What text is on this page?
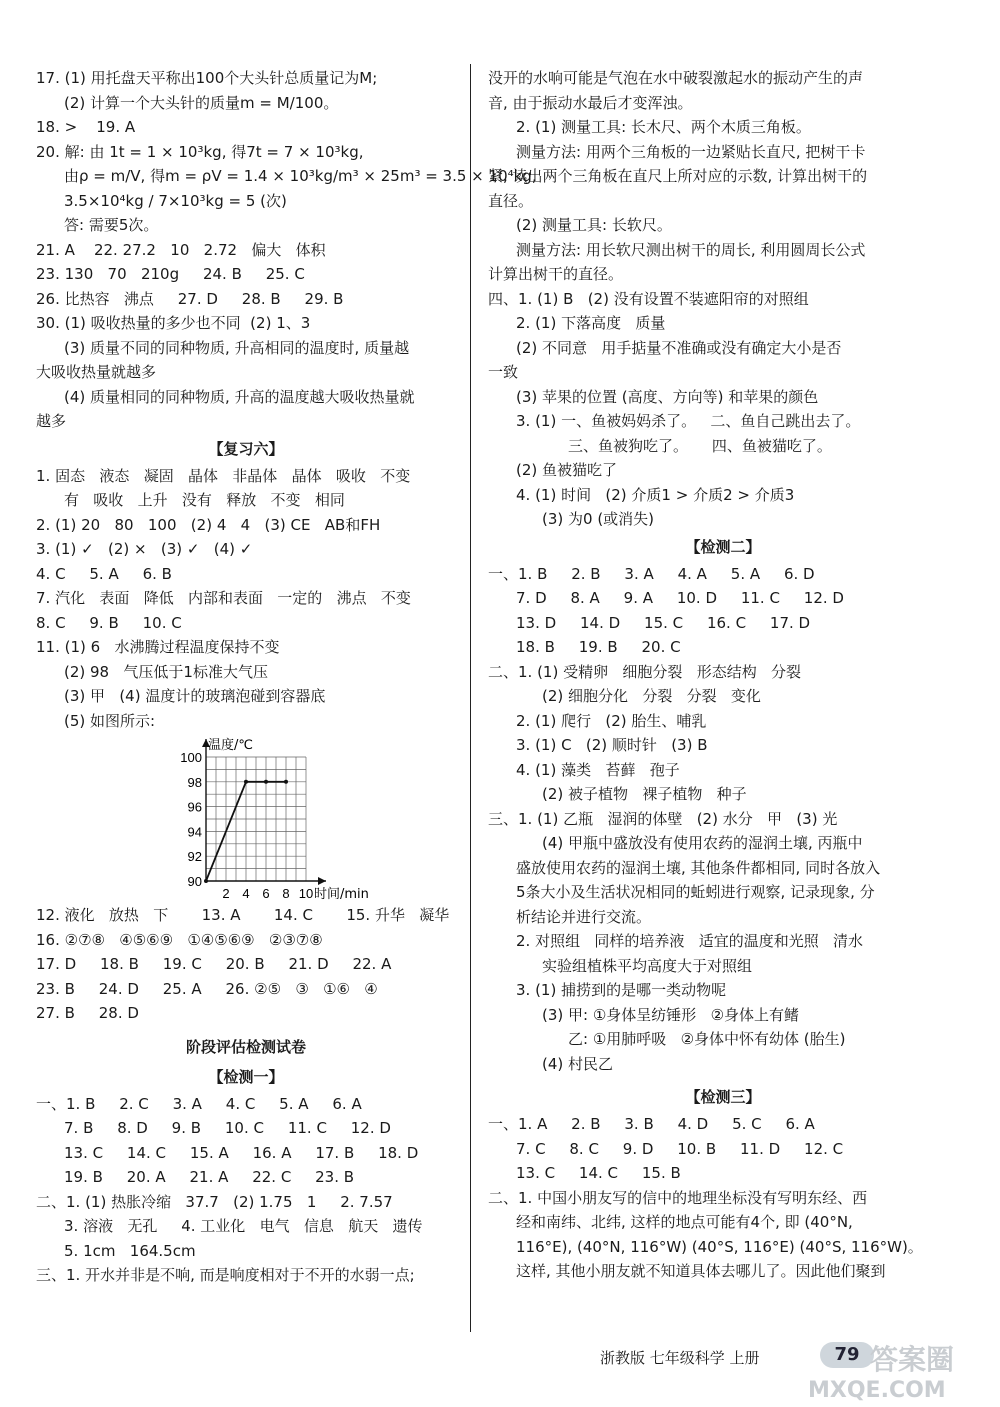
17. (1) 用托盘天平称出100个大头针总质量记为M;
(2) 计算一个大头针的质量m = M/100。
18. >    19. A
20. 解: 由 1t = 1 × 10³kg, 得7t = 7 × 10³kg,
由ρ = m/V, 得m = ρV = 1.4 × 10³kg/m³ × 25m³ = 3.5 × 10⁴kg,
3.5×10⁴kg / 7×10³kg = 5 (次)
答: 需要5次。
21. A    22. 27.2   10   2.72   偏大   体积
23. 130   70   210g     24. B     25. C
26. 比热容   沸点     27. D     28. B     29. B
30. (1) 吸收热量的多少也不同  (2) 1、3
(3) 质量不同的同种物质, 升高相同的温度时, 质量越
大吸收热量就越多
(4) 质量相同的同种物质, 升高的温度越大吸收热量就
越多
【复习六】
1. 固态   液态   凝固   晶体   非晶体   晶体   吸收   不变
有   吸收   上升   没有   释放   不变   相同
2. (1) 20   80   100   (2) 4   4   (3) CE   AB和FH
3. (1) ✓   (2) ×   (3) ✓   (4) ✓
4. C     5. A     6. B
7. 汽化   表面   降低   内部和表面   一定的   沸点   不变
8. C     9. B     10. C
11. (1) 6   水沸腾过程温度保持不变
(2) 98   气压低于1标准大气压
(3) 甲   (4) 温度计的玻璃泡碰到容器底
(5) 如图所示:
90
92
94
96
98
100
2 4 6 8 10
温度/℃
时间/min
12. 液化   放热   下       13. A       14. C       15. 升华   凝华
16. ②⑦⑧   ④⑤⑥⑨   ①④⑤⑥⑨   ②③⑦⑧
17. D     18. B     19. C     20. B     21. D     22. A
23. B     24. D     25. A     26. ②⑤   ③   ①⑥   ④
27. B     28. D
阶段评估检测试卷
【检测一】
一、1. B     2. C     3. A     4. C     5. A     6. A
7. B     8. D     9. B     10. C     11. C     12. D
13. C     14. C     15. A     16. A     17. B     18. D
19. B     20. A     21. A     22. C     23. B
二、1. (1) 热胀冷缩   37.7   (2) 1.75   1     2. 7.57
3. 溶液   无孔     4. 工业化   电气   信息   航天   遗传
5. 1cm   164.5cm
三、1. 开水并非是不响, 而是响度相对于不开的水弱一点;
没开的水响可能是气泡在水中破裂激起水的振动产生的声
音, 由于振动水最后才变浑浊。
2. (1) 测量工具: 长木尺、两个木质三角板。
测量方法: 用两个三角板的一边紧贴长直尺, 把树干卡
紧, 读出两个三角板在直尺上所对应的示数, 计算出树干的
直径。
(2) 测量工具: 长软尺。
测量方法: 用长软尺测出树干的周长, 利用圆周长公式
计算出树干的直径。
四、1. (1) B   (2) 没有设置不装遮阳帘的对照组
2. (1) 下落高度   质量
(2) 不同意   用手掂量不准确或没有确定大小是否
一致
(3) 苹果的位置 (高度、方向等) 和苹果的颜色
3. (1) 一、鱼被妈妈杀了。   二、鱼自己跳出去了。
三、鱼被狗吃了。     四、鱼被猫吃了。
(2) 鱼被猫吃了
4. (1) 时间   (2) 介质1 > 介质2 > 介质3
(3) 为0 (或消失)
【检测二】
一、1. B     2. B     3. A     4. A     5. A     6. D
7. D     8. A     9. A     10. D     11. C     12. D
13. D     14. D     15. C     16. C     17. D
18. B     19. B     20. C
二、1. (1) 受精卵   细胞分裂   形态结构   分裂
(2) 细胞分化   分裂   分裂   变化
2. (1) 爬行   (2) 胎生、哺乳
3. (1) C   (2) 顺时针   (3) B
4. (1) 藻类   苔藓   孢子
(2) 被子植物   裸子植物   种子
三、1. (1) 乙瓶   湿润的体壁   (2) 水分   甲   (3) 光
(4) 甲瓶中盛放没有使用农药的湿润土壤, 丙瓶中
盛放使用农药的湿润土壤, 其他条件都相同, 同时各放入
5条大小及生活状况相同的蚯蚓进行观察, 记录现象, 分
析结论并进行交流。
2. 对照组   同样的培养液   适宜的温度和光照   清水
实验组植株平均高度大于对照组
3. (1) 捕捞到的是哪一类动物呢
(3) 甲: ①身体呈纺锤形   ②身体上有鳍
乙: ①用肺呼吸   ②身体中怀有幼体 (胎生)
(4) 村民乙
【检测三】
一、1. A     2. B     3. B     4. D     5. C     6. A
7. C     8. C     9. D     10. B     11. D     12. C
13. C     14. C     15. B
二、1. 中国小朋友写的信中的地理坐标没有写明东经、西
经和南纬、北纬, 这样的地点可能有4个, 即 (40°N,
116°E), (40°N, 116°W) (40°S, 116°E) (40°S, 116°W)。
这样, 其他小朋友就不知道具体去哪儿了。因此他们聚到
浙教版 七年级科学 上册	79 答案圈
MXQE.COM
